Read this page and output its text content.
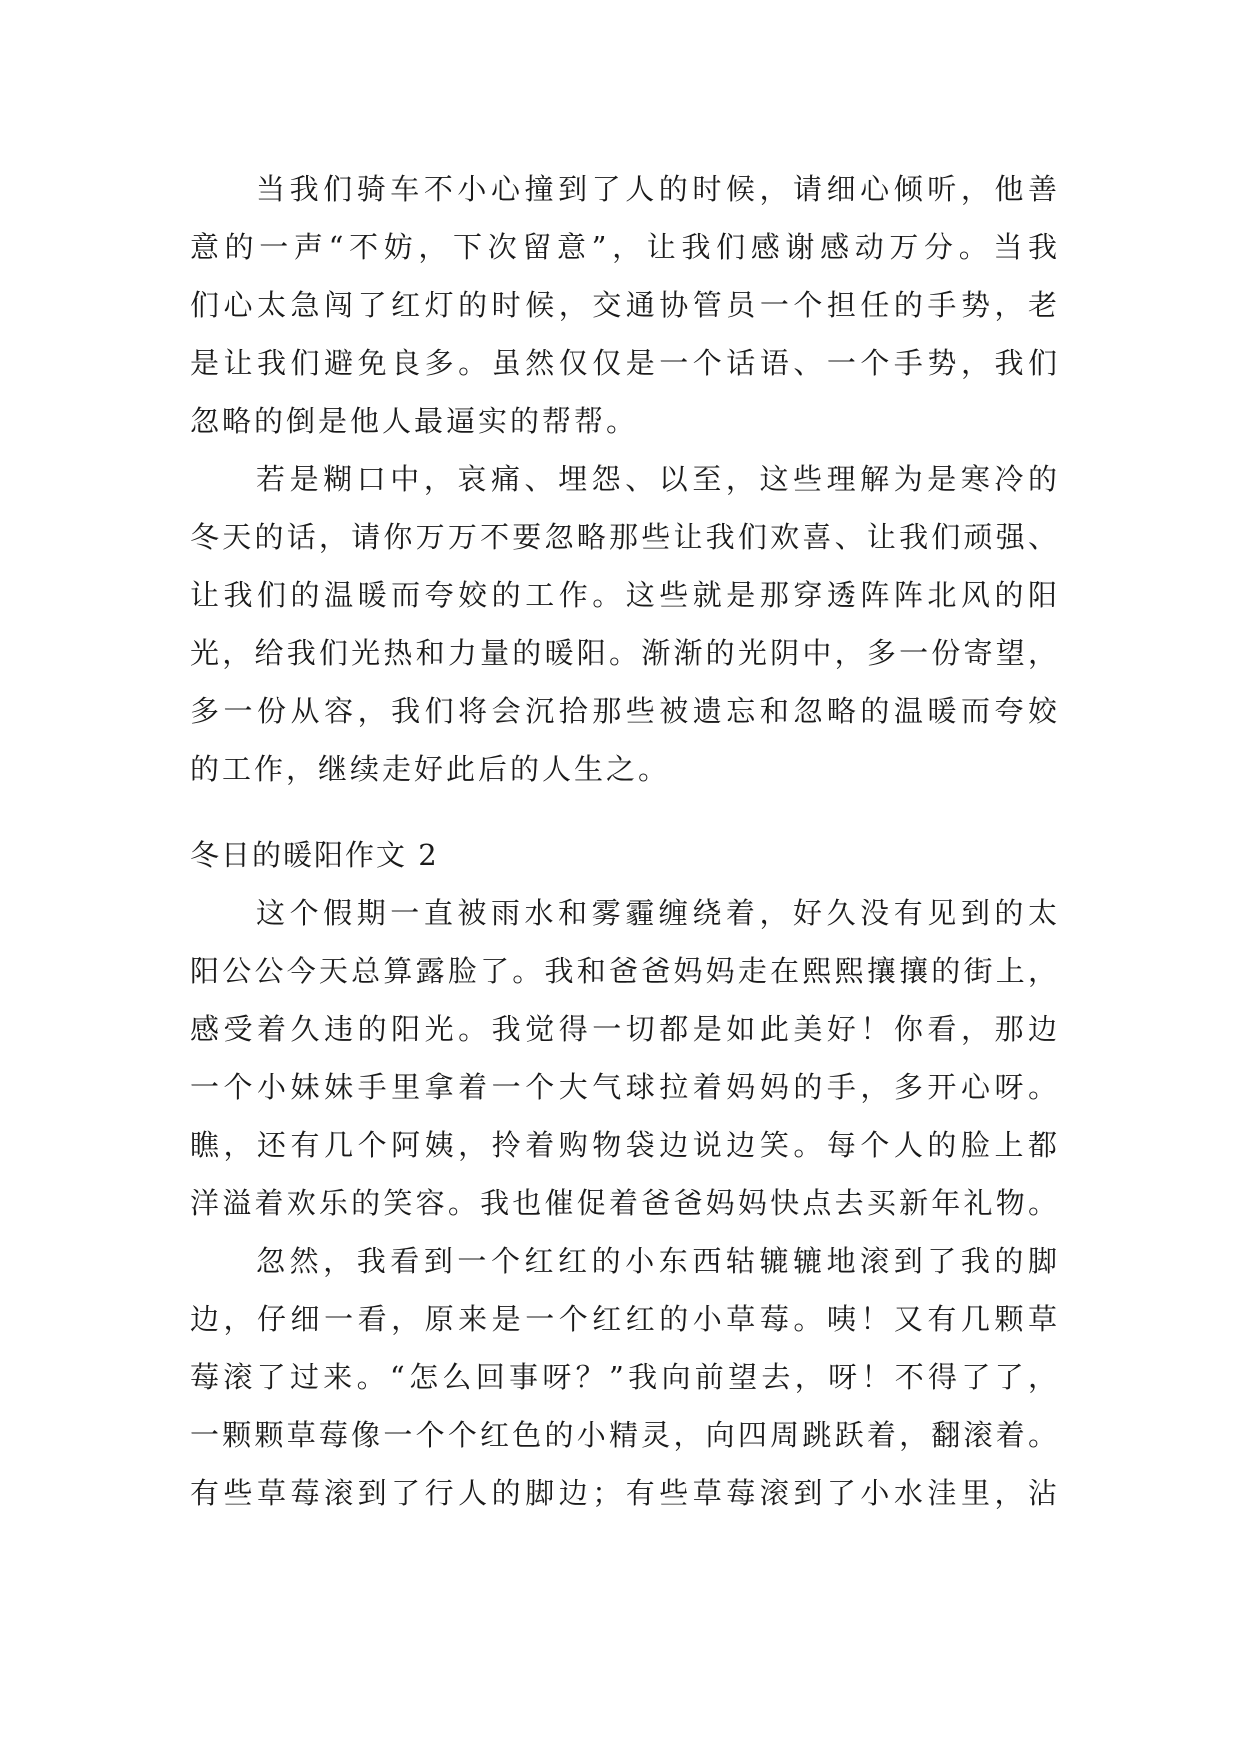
当我们骑车不小心撞到了人的时候，请细心倾听，他善
意的一声“不妨，下次留意”，让我们感谢感动万分。当我
们心太急闯了红灯的时候，交通协管员一个担任的手势，老
是让我们避免良多。虽然仅仅是一个话语、一个手势，我们
忽略的倒是他人最逼实的帮帮。
若是糊口中，哀痛、埋怨、以至，这些理解为是寒冷的
冬天的话，请你万万不要忽略那些让我们欢喜、让我们顽强、
让我们的温暖而夸姣的工作。这些就是那穿透阵阵北风的阳
光，给我们光热和力量的暖阳。渐渐的光阴中，多一份寄望，
多一份从容，我们将会沉拾那些被遗忘和忽略的温暖而夸姣
的工作，继续走好此后的人生之。
冬日的暖阳作文 2
这个假期一直被雨水和雾霾缠绕着，好久没有见到的太
阳公公今天总算露脸了。我和爸爸妈妈走在熙熙攘攘的街上，
感受着久违的阳光。我觉得一切都是如此美好！你看，那边
一个小妹妹手里拿着一个大气球拉着妈妈的手，多开心呀。
瞧，还有几个阿姨，拎着购物袋边说边笑。每个人的脸上都
洋溢着欢乐的笑容。我也催促着爸爸妈妈快点去买新年礼物。
忽然，我看到一个红红的小东西轱辘辘地滚到了我的脚
边，仔细一看，原来是一个红红的小草莓。咦！又有几颗草
莓滚了过来。“怎么回事呀？”我向前望去，呀！不得了了，
一颗颗草莓像一个个红色的小精灵，向四周跳跃着，翻滚着。
有些草莓滚到了行人的脚边；有些草莓滚到了小水洼里，沾
